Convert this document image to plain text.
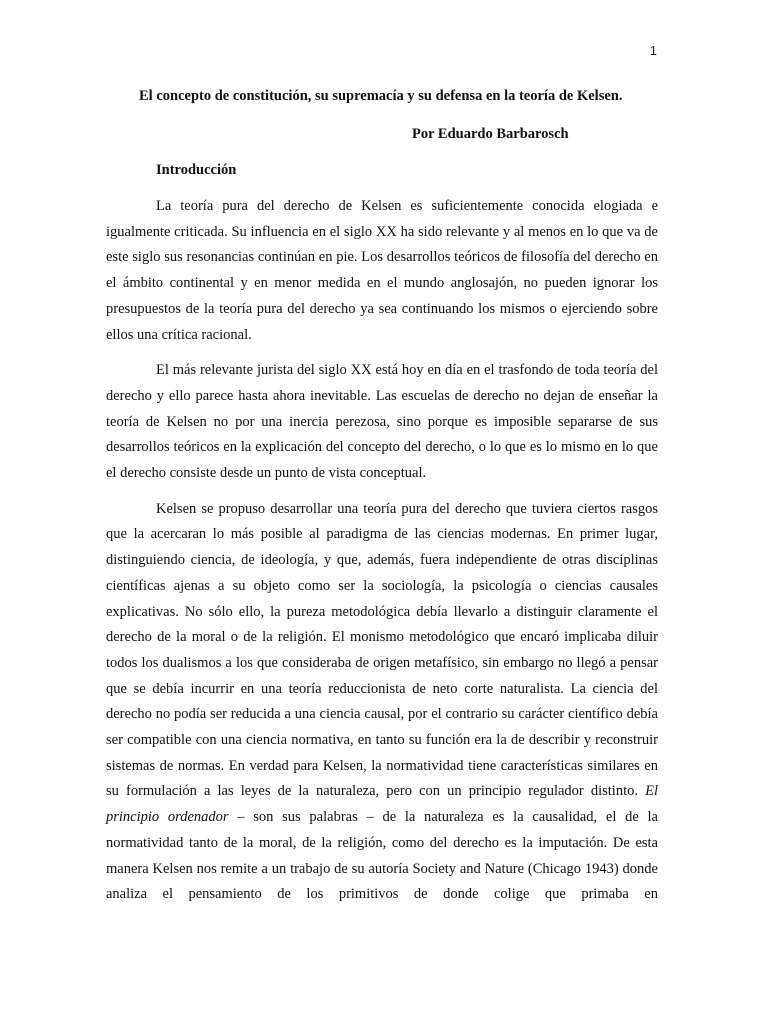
1
El concepto de constitución, su supremacía y su defensa en la teoría de Kelsen.
Por Eduardo Barbarosch
Introducción

La teoría pura del derecho de Kelsen es suficientemente conocida elogiada e igualmente criticada. Su influencia en el siglo XX ha sido relevante y al menos en lo que va de este siglo sus resonancias continúan en pie. Los desarrollos teóricos de filosofía del derecho en el ámbito continental y en menor medida en el mundo anglosajón, no pueden ignorar los presupuestos de la teoría pura del derecho ya sea continuando los mismos o ejerciendo sobre ellos una crítica racional.

El más relevante jurista del siglo XX está hoy en día en el trasfondo de toda teoría del derecho y ello parece hasta ahora inevitable. Las escuelas de derecho no dejan de enseñar la teoría de Kelsen no por una inercia perezosa, sino porque es imposible separarse de sus desarrollos teóricos en la explicación del concepto del derecho, o lo que es lo mismo en lo que el derecho consiste desde un punto de vista conceptual.

Kelsen se propuso desarrollar una teoría pura del derecho que tuviera ciertos rasgos que la acercaran lo más posible al paradigma de las ciencias modernas. En primer lugar, distinguiendo ciencia, de ideología, y que, además, fuera independiente de otras disciplinas científicas ajenas a su objeto como ser la sociología, la psicología o ciencias causales explicativas. No sólo ello, la pureza metodológica debía llevarlo a distinguir claramente el derecho de la moral o de la religión. El monismo metodológico que encaró implicaba diluir todos los dualismos a los que consideraba de origen metafísico, sin embargo no llegó a pensar que se debía incurrir en una teoría reduccionista de neto corte naturalista. La ciencia del derecho no podía ser reducida a una ciencia causal, por el contrario su carácter científico debía ser compatible con una ciencia normativa, en tanto su función era la de describir y reconstruir sistemas de normas. En verdad para Kelsen, la normatividad tiene características similares en su formulación a las leyes de la naturaleza, pero con un principio regulador distinto. El principio ordenador – son sus palabras – de la naturaleza es la causalidad, el de la normatividad tanto de la moral, de la religión, como del derecho es la imputación. De esta manera Kelsen nos remite a un trabajo de su autoría Society and Nature (Chicago 1943) donde analiza el pensamiento de los primitivos de donde colige que primaba en
